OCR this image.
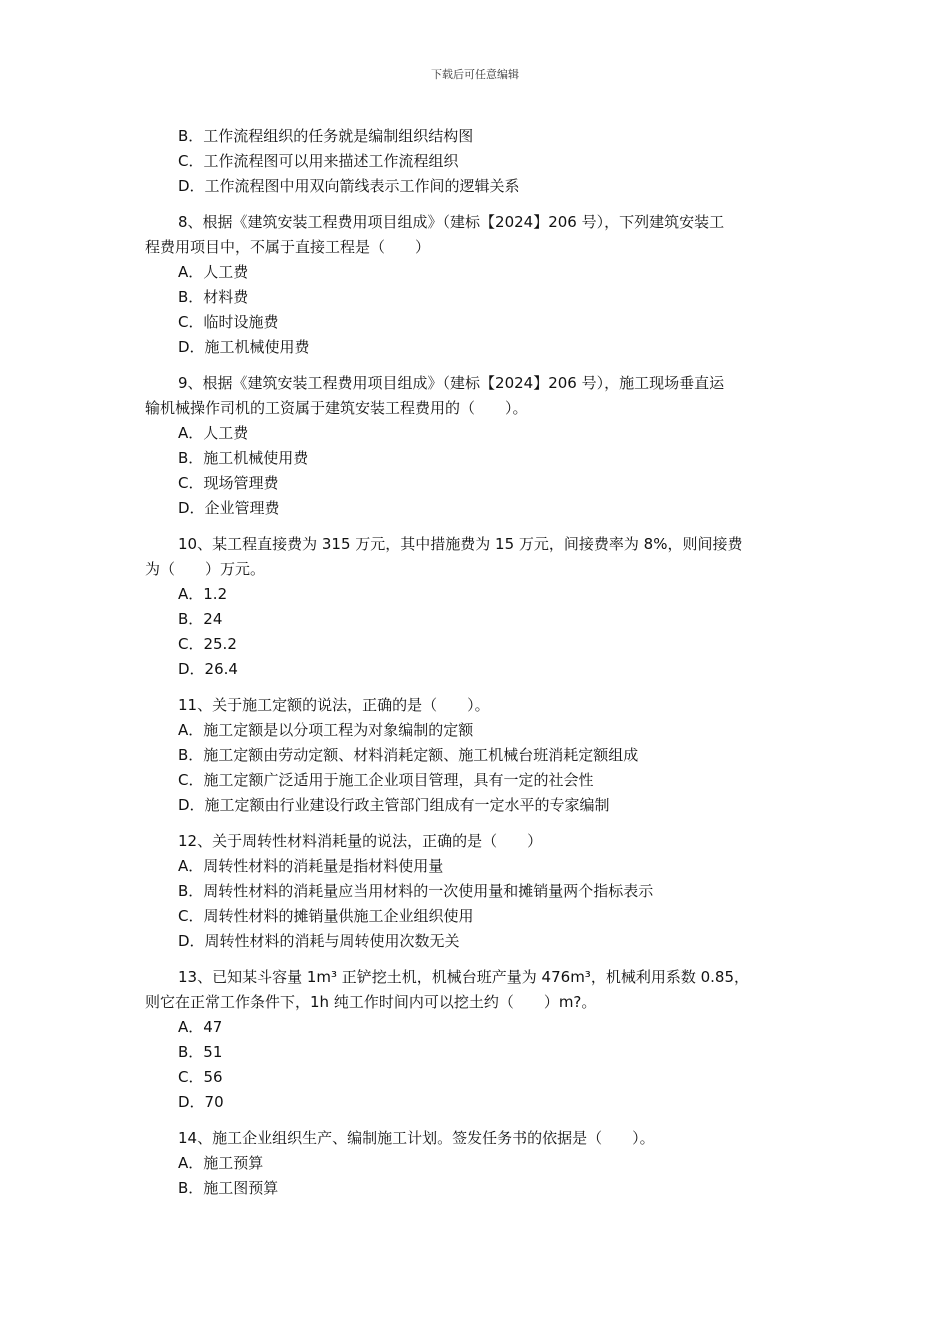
下载后可任意编辑
B．工作流程组织的任务就是编制组织结构图
C．工作流程图可以用来描述工作流程组织
D．工作流程图中用双向箭线表示工作间的逻辑关系
8、根据《建筑安装工程费用项目组成》（建标【2024】206 号），下列建筑安装工
程费用项目中，不属于直接工程是（　　）
A．人工费
B．材料费
C．临时设施费
D．施工机械使用费
9、根据《建筑安装工程费用项目组成》（建标【2024】206 号），施工现场垂直运
输机械操作司机的工资属于建筑安装工程费用的（　　）。
A．人工费
B．施工机械使用费
C．现场管理费
D．企业管理费
10、某工程直接费为 315 万元，其中措施费为 15 万元，间接费率为 8%，则间接费
为（　　）万元。
A．1.2
B．24
C．25.2
D．26.4
11、关于施工定额的说法，正确的是（　　）。
A．施工定额是以分项工程为对象编制的定额
B．施工定额由劳动定额、材料消耗定额、施工机械台班消耗定额组成
C．施工定额广泛适用于施工企业项目管理，具有一定的社会性
D．施工定额由行业建设行政主管部门组成有一定水平的专家编制
12、关于周转性材料消耗量的说法，正确的是（　　）
A．周转性材料的消耗量是指材料使用量
B．周转性材料的消耗量应当用材料的一次使用量和摊销量两个指标表示
C．周转性材料的摊销量供施工企业组织使用
D．周转性材料的消耗与周转使用次数无关
13、已知某斗容量 1m³ 正铲挖土机，机械台班产量为 476m³，机械利用系数 0.85，
则它在正常工作条件下，1h 纯工作时间内可以挖土约（　　）m?。
A．47
B．51
C．56
D．70
14、施工企业组织生产、编制施工计划。签发任务书的依据是（　　）。
A．施工预算
B．施工图预算
